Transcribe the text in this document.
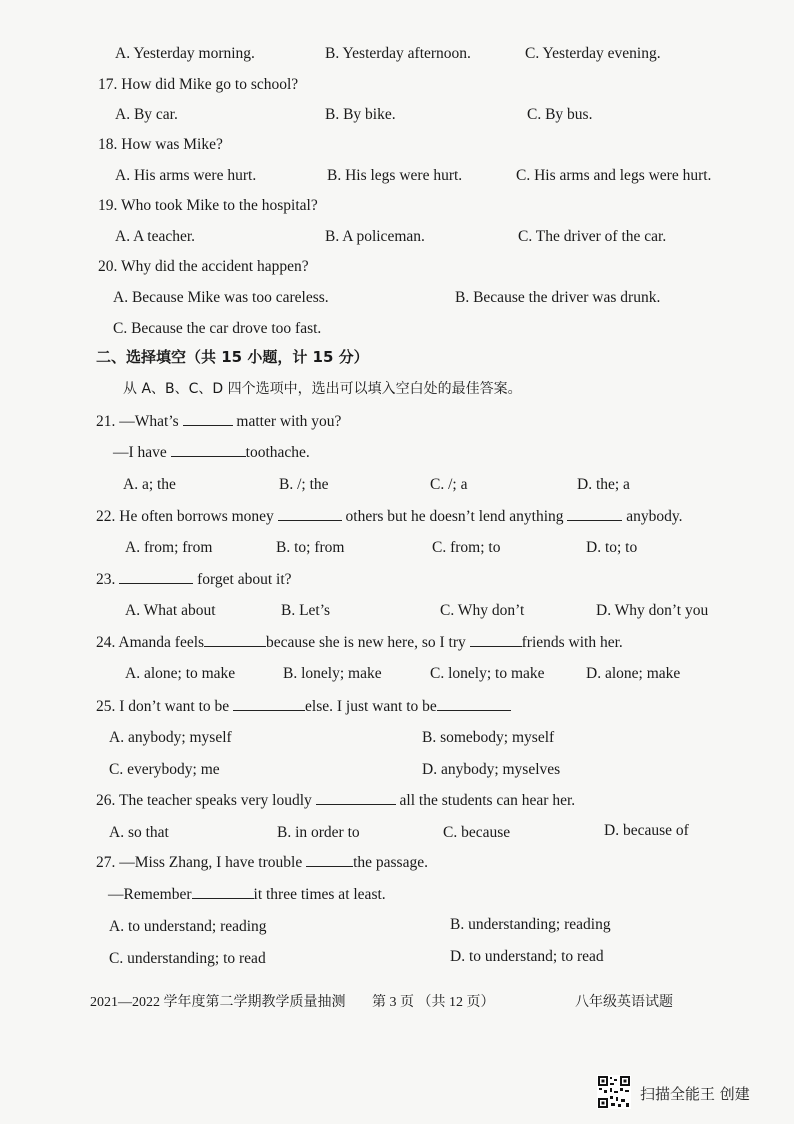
A. Yesterday morning.	B. Yesterday afternoon.	C. Yesterday evening.
17. How did Mike go to school?
A. By car.	B. By bike.	C. By bus.
18. How was Mike?
A. His arms were hurt.	B. His legs were hurt.	C. His arms and legs were hurt.
19. Who took Mike to the hospital?
A. A teacher.	B. A policeman.	C. The driver of the car.
20. Why did the accident happen?
A. Because Mike was too careless.	B. Because the driver was drunk.
C. Because the car drove too fast.
二、选择填空（共 15 小题，计 15 分）
从 A、B、C、D 四个选项中，选出可以填入空白处的最佳答案。
21. —What’s	matter with you?
—I have	toothache.
A. a; the	B. /; the	C. /; a	D. the; a
22. He often borrows money	others but he doesn’t lend anything	anybody.
A. from; from	B. to; from	C. from; to	D. to; to
23.	forget about it?
A. What about	B. Let’s	C. Why don’t	D. Why don’t you
24. Amanda feels	because she is new here, so I try	friends with her.
A. alone; to make	B. lonely; make	C. lonely; to make	D. alone; make
25. I don’t want to be	else. I just want to be
A. anybody; myself	B. somebody; myself
C. everybody; me	D. anybody; myselves
26. The teacher speaks very loudly	all the students can hear her.
A. so that	B. in order to	C. because	D. because of
27. —Miss Zhang, I have trouble	the passage.
—Remember	it three times at least.
A. to understand; reading	B. understanding; reading
C. understanding; to read	D. to understand; to read
2021—2022 学年度第二学期教学质量抽测 第 3 页 （共 12 页）	八年级英语试题
扫描全能王 创建
